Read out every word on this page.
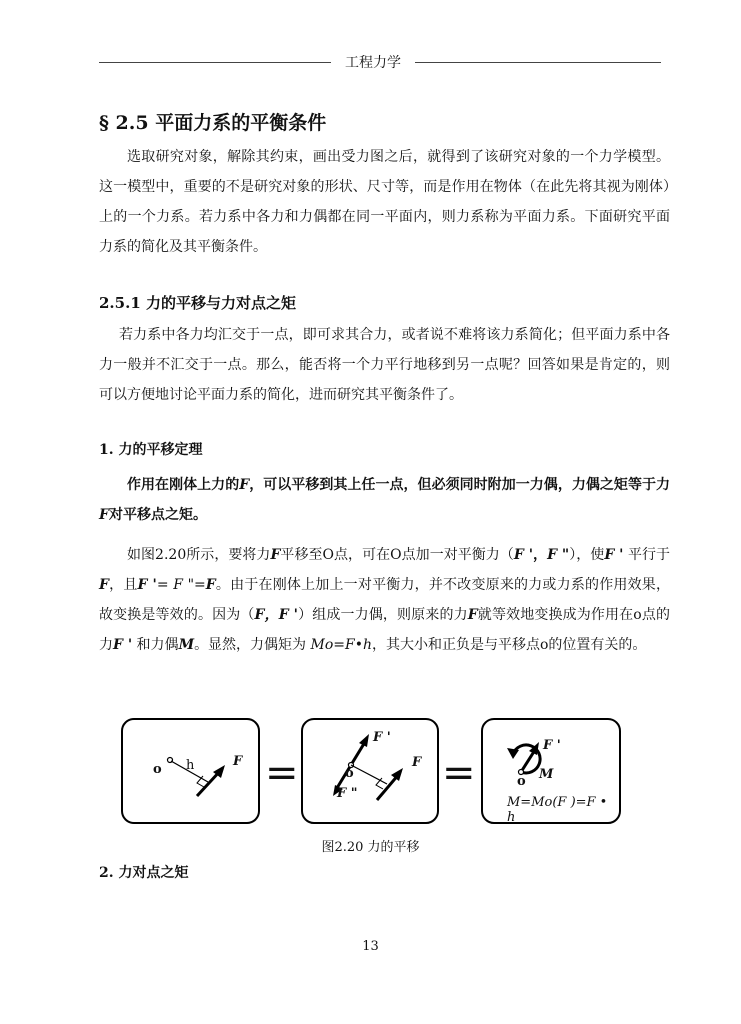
工程力学
§ 2.5 平面力系的平衡条件

选取研究对象，解除其约束，画出受力图之后，就得到了该研究对象的一个力学模型。这一模型中，重要的不是研究对象的形状、尺寸等，而是作用在物体（在此先将其视为刚体）上的一个力系。若力系中各力和力偶都在同一平面内，则力系称为平面力系。下面研究平面力系的简化及其平衡条件。

2.5.1 力的平移与力对点之矩

若力系中各力均汇交于一点，即可求其合力，或者说不难将该力系简化；但平面力系中各力一般并不汇交于一点。那么，能否将一个力平行地移到另一点呢？回答如果是肯定的，则可以方便地讨论平面力系的简化，进而研究其平衡条件了。

1. 力的平移定理

作用在刚体上力的F，可以平移到其上任一点，但必须同时附加一力偶，力偶之矩等于力F对平移点之矩。

如图2.20所示，要将力F平移至O点，可在O点加一对平衡力（F '，F "），使F ' 平行于F，且F '= F "=F。由于在刚体上加上一对平衡力，并不改变原来的力或力系的作用效果，故变换是等效的。因为（F，F '）组成一力偶，则原来的力F就等效地变换成为作用在o点的力F ' 和力偶M。显然，力偶矩为 Mo=F•h，其大小和正负是与平移点o的位置有关的。

o h	F =
F '
o
F
F " =
F '
o M
M=Mo(F )=F • h
图2.20 力的平移
2. 力对点之矩
13
